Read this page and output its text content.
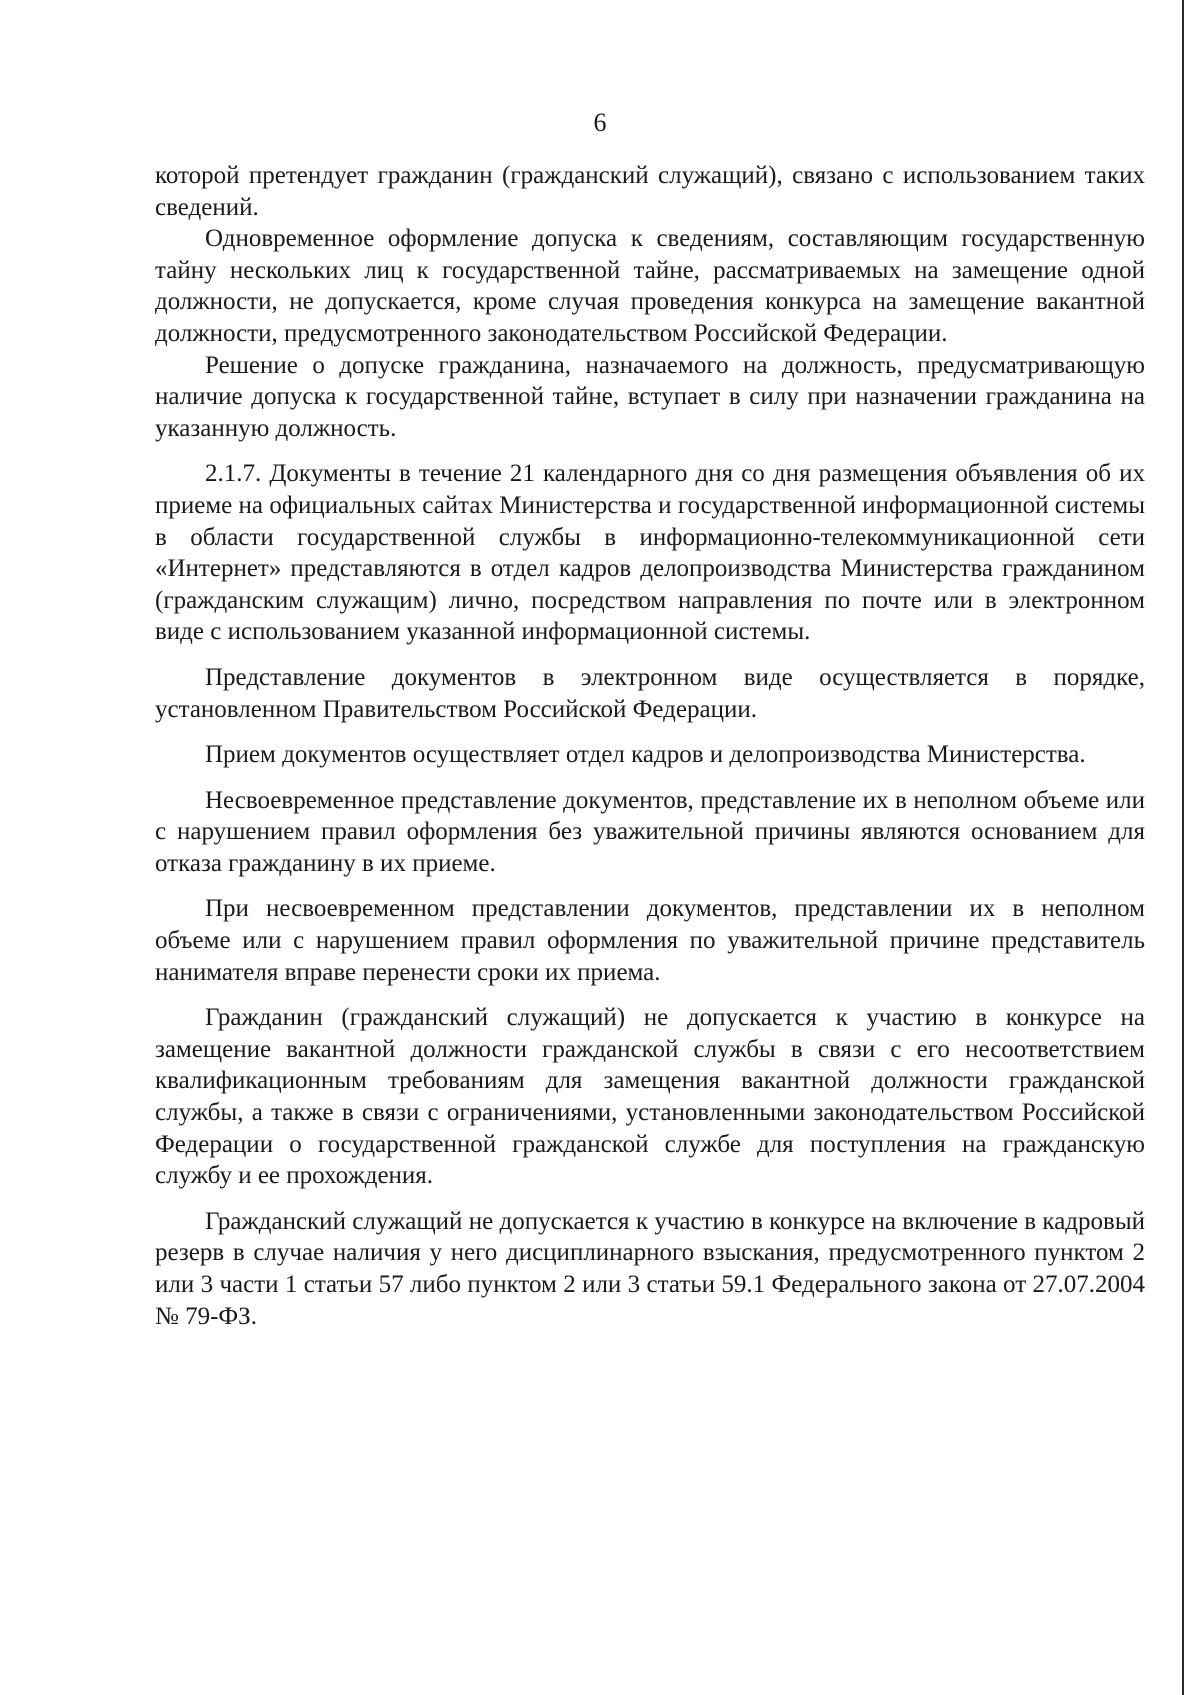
6

которой претендует гражданин (гражданский служащий), связано с использованием таких сведений.

Одновременное оформление допуска к сведениям, составляющим государственную тайну нескольких лиц к государственной тайне, рассматриваемых на замещение одной должности, не допускается, кроме случая проведения конкурса на замещение вакантной должности, предусмотренного законодательством Российской Федерации.

Решение о допуске гражданина, назначаемого на должность, предусматривающую наличие допуска к государственной тайне, вступает в силу при назначении гражданина на указанную должность.

2.1.7. Документы в течение 21 календарного дня со дня размещения объявления об их приеме на официальных сайтах Министерства и государственной информационной системы в области государственной службы в информационно-телекоммуникационной сети «Интернет» представляются в отдел кадров делопроизводства Министерства гражданином (гражданским служащим) лично, посредством направления по почте или в электронном виде с использованием указанной информационной системы.

Представление документов в электронном виде осуществляется в порядке, установленном Правительством Российской Федерации.

Прием документов осуществляет отдел кадров и делопроизводства Министерства.

Несвоевременное представление документов, представление их в неполном объеме или с нарушением правил оформления без уважительной причины являются основанием для отказа гражданину в их приеме.

При несвоевременном представлении документов, представлении их в неполном объеме или с нарушением правил оформления по уважительной причине представитель нанимателя вправе перенести сроки их приема.

Гражданин (гражданский служащий) не допускается к участию в конкурсе на замещение вакантной должности гражданской службы в связи с его несоответствием квалификационным требованиям для замещения вакантной должности гражданской службы, а также в связи с ограничениями, установленными законодательством Российской Федерации о государственной гражданской службе для поступления на гражданскую службу и ее прохождения.

Гражданский служащий не допускается к участию в конкурсе на включение в кадровый резерв в случае наличия у него дисциплинарного взыскания, предусмотренного пунктом 2 или 3 части 1 статьи 57 либо пунктом 2 или 3 статьи 59.1 Федерального закона от 27.07.2004 № 79-ФЗ.
